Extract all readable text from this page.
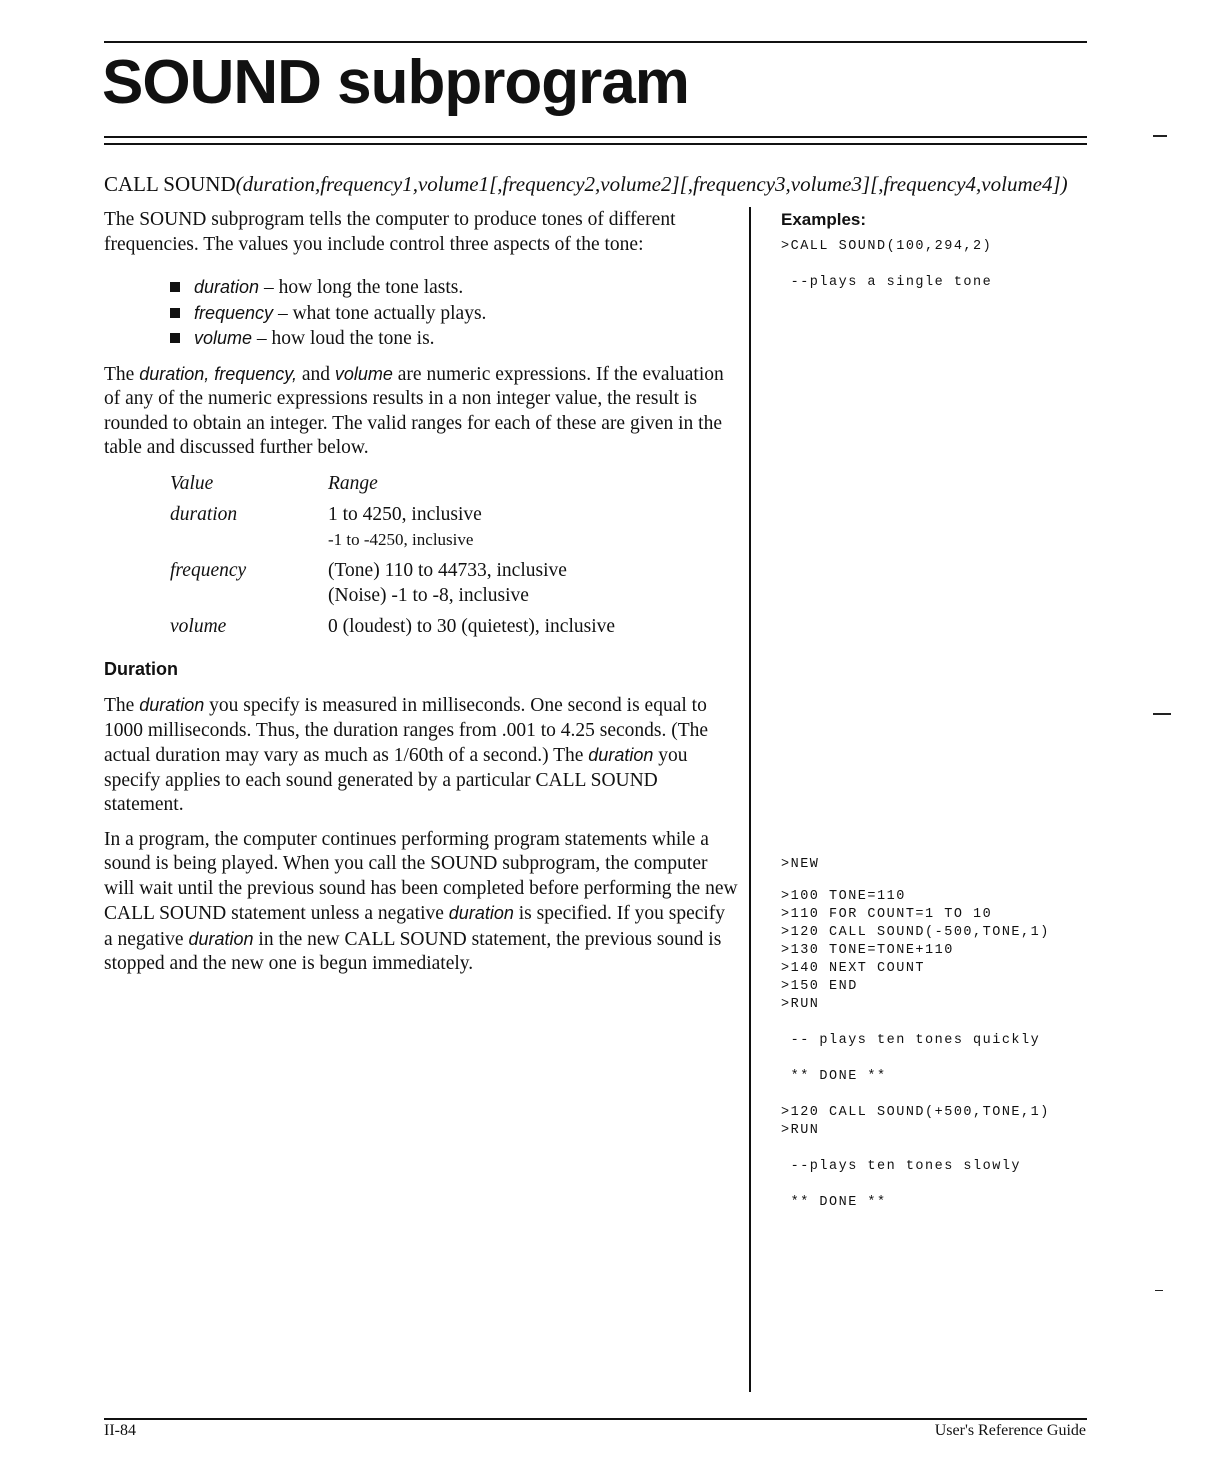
SOUND subprogram
CALL SOUND(duration,frequency1,volume1[,frequency2,volume2][,frequency3,volume3][,frequency4,volume4])

The SOUND subprogram tells the computer to produce tones of different frequencies. The values you include control three aspects of the tone:

duration – how long the tone lasts.
frequency – what tone actually plays.
volume – how loud the tone is.

The duration, frequency, and volume are numeric expressions. If the evaluation of any of the numeric expressions results in a non integer value, the result is rounded to obtain an integer. The valid ranges for each of these are given in the table and discussed further below.

Value	Range
duration	1 to 4250, inclusive
-1 to -4250, inclusive

frequency	(Tone) 110 to 44733, inclusive
(Noise) -1 to -8, inclusive

volume	0 (loudest) to 30 (quietest), inclusive
Duration

The duration you specify is measured in milliseconds. One second is equal to 1000 milliseconds. Thus, the duration ranges from .001 to 4.25 seconds. (The actual duration may vary as much as 1/60th of a second.) The duration you specify applies to each sound generated by a particular CALL SOUND statement.

In a program, the computer continues performing program statements while a sound is being played. When you call the SOUND subprogram, the computer will wait until the previous sound has been completed before performing the new CALL SOUND statement unless a negative duration is specified. If you specify a negative duration in the new CALL SOUND statement, the previous sound is stopped and the new one is begun immediately.

Examples:

>CALL SOUND(100,294,2)

--plays a single tone

>NEW

>100 TONE=110

>110 FOR COUNT=1 TO 10

>120 CALL SOUND(-500,TONE,1)

>130 TONE=TONE+110

>140 NEXT COUNT

>150 END

>RUN

-- plays ten tones quickly

** DONE **

>120 CALL SOUND(+500,TONE,1)

>RUN

--plays ten tones slowly

** DONE **

II-84	User's Reference Guide
